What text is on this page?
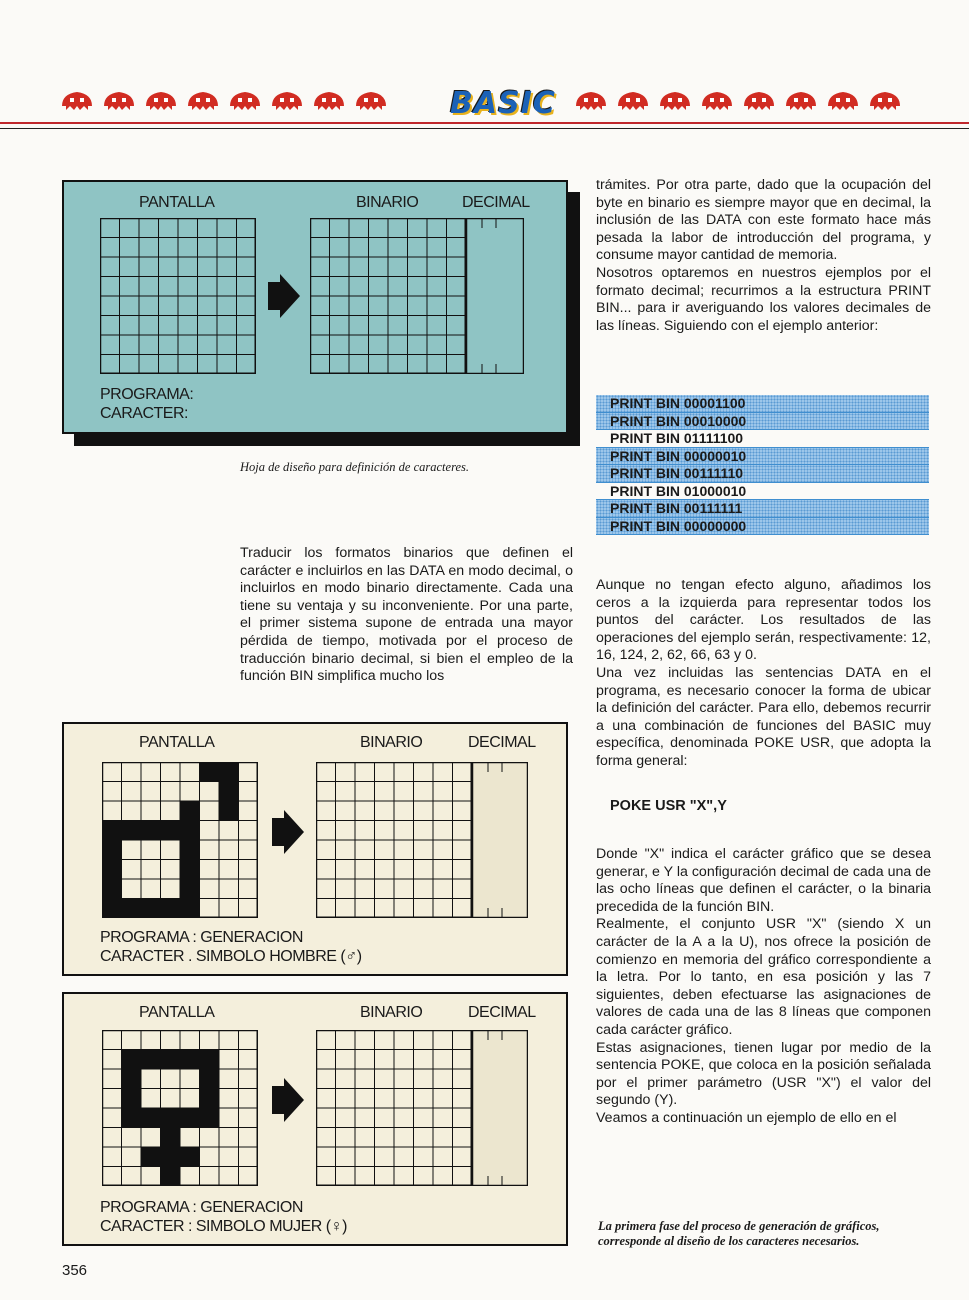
BASIC
PANTALLA	BINARIO	DECIMAL
PROGRAMA:
CARACTER:
Hoja de diseño para definición de caracteres.

Traducir los formatos binarios que definen el carácter e incluirlos en las DATA en modo decimal, o incluirlos en modo binario directamente. Cada una tiene su ventaja y su inconveniente. Por una parte, el primer sistema supone de entrada una mayor pérdida de tiempo, motivada por el proceso de traducción binario decimal, si bien el empleo de la función BIN simplifica mucho los

PANTALLA	BINARIO	DECIMAL
PROGRAMA : GENERACION
CARACTER . SIMBOLO HOMBRE (♂)
PANTALLA	BINARIO	DECIMAL
PROGRAMA : GENERACION
CARACTER : SIMBOLO MUJER (♀)

trámites. Por otra parte, dado que la ocupación del byte en binario es siempre mayor que en decimal, la inclusión de las DATA con este formato hace más pesada la labor de introducción del programa, y consume mayor cantidad de memoria.

Nosotros optaremos en nuestros ejemplos por el formato decimal; recurrimos a la estructura PRINT BIN... para ir averiguando los valores decimales de las líneas. Siguiendo con el ejemplo anterior:

PRINT BIN 00001100
PRINT BIN 00010000
PRINT BIN 01111100
PRINT BIN 00000010
PRINT BIN 00111110
PRINT BIN 01000010
PRINT BIN 00111111
PRINT BIN 00000000

Aunque no tengan efecto alguno, añadimos los ceros a la izquierda para representar todos los puntos del carácter. Los resultados de las operaciones del ejemplo serán, respectivamente: 12, 16, 124, 2, 62, 66, 63 y 0.

Una vez incluidas las sentencias DATA en el programa, es necesario conocer la forma de ubicar la definición del carácter. Para ello, debemos recurrir a una combinación de funciones del BASIC muy específica, denominada POKE USR, que adopta la forma general:

POKE USR "X",Y

Donde "X" indica el carácter gráfico que se desea generar, e Y la configuración decimal de cada una de las ocho líneas que definen el carácter, o la binaria precedida de la función BIN.

Realmente, el conjunto USR "X" (siendo X un carácter de la A a la U), nos ofrece la posición de comienzo en memoria del gráfico correspondiente a la letra. Por lo tanto, en esa posición y las 7 siguientes, deben efectuarse las asignaciones de valores de cada una de las 8 líneas que componen cada carácter gráfico.

Estas asignaciones, tienen lugar por medio de la sentencia POKE, que coloca en la posición señalada por el primer parámetro (USR "X") el valor del segundo (Y).

Veamos a continuación un ejemplo de ello en el

La primera fase del proceso de generación de gráficos,
corresponde al diseño de los caracteres necesarios.
356
